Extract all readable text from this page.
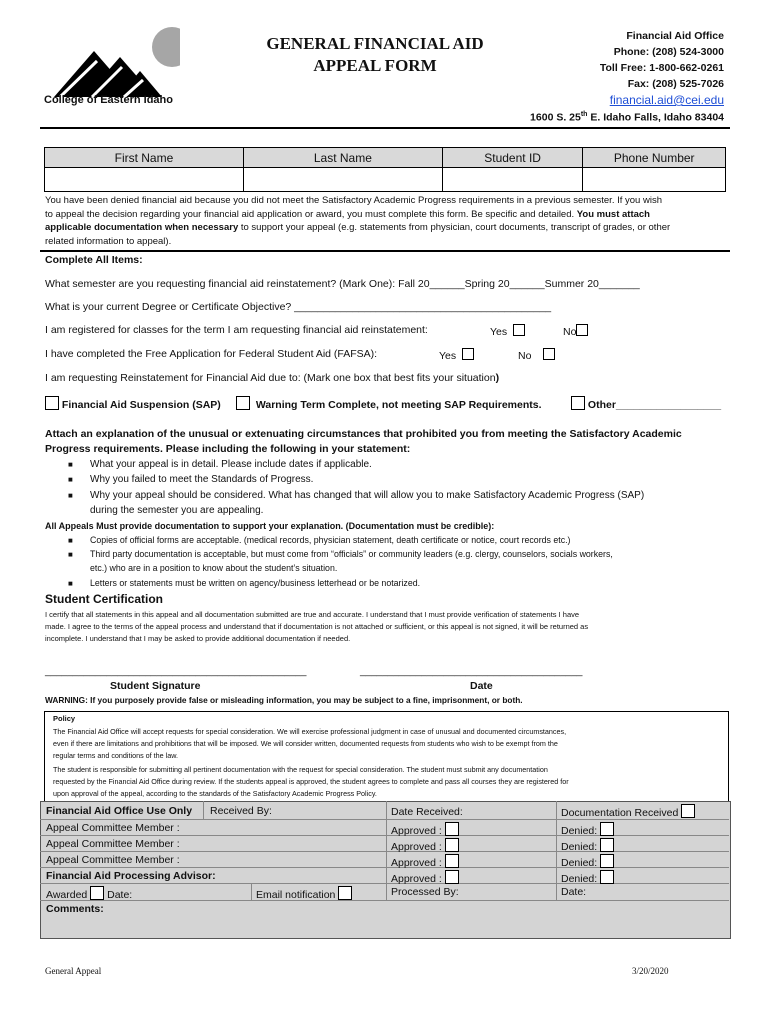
College of Eastern Idaho
GENERAL FINANCIAL AID
APPEAL FORM
Financial Aid Office
Phone: (208) 524-3000
Toll Free: 1-800-662-0261
Fax: (208) 525-7026
financial.aid@cei.edu
1600 S. 25th E. Idaho Falls, Idaho 83404
First Name	Last Name	Student ID	Phone Number

You have been denied financial aid because you did not meet the Satisfactory Academic Progress requirements in a previous semester. If you wish
to appeal the decision regarding your financial aid application or award, you must complete this form. Be specific and detailed. You must attach
applicable documentation when necessary to support your appeal (e.g. statements from physician, court documents, transcript of grades, or other
related information to appeal).
Complete All Items:
What semester are you requesting financial aid reinstatement? (Mark One): Fall 20______Spring 20______Summer 20_______
What is your current Degree or Certificate Objective? ____________________________________________
I am registered for classes for the term I am requesting financial aid reinstatement:	Yes	No
I have completed the Free Application for Federal Student Aid (FAFSA):	Yes	No
I am requesting Reinstatement for Financial Aid due to: (Mark one box that best fits your situation)
Financial Aid Suspension (SAP)	Warning Term Complete, not meeting SAP Requirements.	Other__________________
Attach an explanation of the unusual or extenuating circumstances that prohibited you from meeting the Satisfactory Academic
Progress requirements. Please including the following in your statement:
■ What your appeal is in detail. Please include dates if applicable.
■ Why you failed to meet the Standards of Progress.
■ Why your appeal should be considered. What has changed that will allow you to make Satisfactory Academic Progress (SAP)
during the semester you are appealing.
All Appeals Must provide documentation to support your explanation. (Documentation must be credible):
■ Copies of official forms are acceptable. (medical records, physician statement, death certificate or notice, court records etc.)
■ Third party documentation is acceptable, but must come from “officials” or community leaders (e.g. clergy, counselors, socials workers,
etc.) who are in a position to know about the student’s situation.
■ Letters or statements must be written on agency/business letterhead or be notarized.
Student Certification
I certify that all statements in this appeal and all documentation submitted are true and accurate. I understand that I must provide verification of statements I have
made. I agree to the terms of the appeal process and understand that if documentation is not attached or sufficient, or this appeal is not signed, it will be returned as
incomplete. I understand that I may be asked to provide additional documentation if needed.
_______________________________________________	________________________________________
Student Signature	Date
WARNING: If you purposely provide false or misleading information, you may be subject to a fine, imprisonment, or both.
Policy
The Financial Aid Office will accept requests for special consideration. We will exercise professional judgment in case of unusual and documented circumstances,
even if there are limitations and prohibitions that will be imposed. We will consider written, documented requests from students who wish to be exempt from the
regular terms and conditions of the law.
The student is responsible for submitting all pertinent documentation with the request for special consideration. The student must submit any documentation
requested by the Financial Aid Office during review. If the students appeal is approved, the student agrees to complete and pass all courses they are registered for
upon approval of the appeal, according to the standards of the Satisfactory Academic Progress Policy.
Financial Aid Office Use Only Received By:	Date Received:	Documentation Received
Appeal Committee Member :	Approved :	Denied:
Appeal Committee Member :	Approved :	Denied:
Appeal Committee Member :	Approved :	Denied:
Financial Aid Processing Advisor:	Approved :	Denied:
Awarded Date:	Email notification	Processed By:	Date:
Comments:
General Appeal	3/20/2020
